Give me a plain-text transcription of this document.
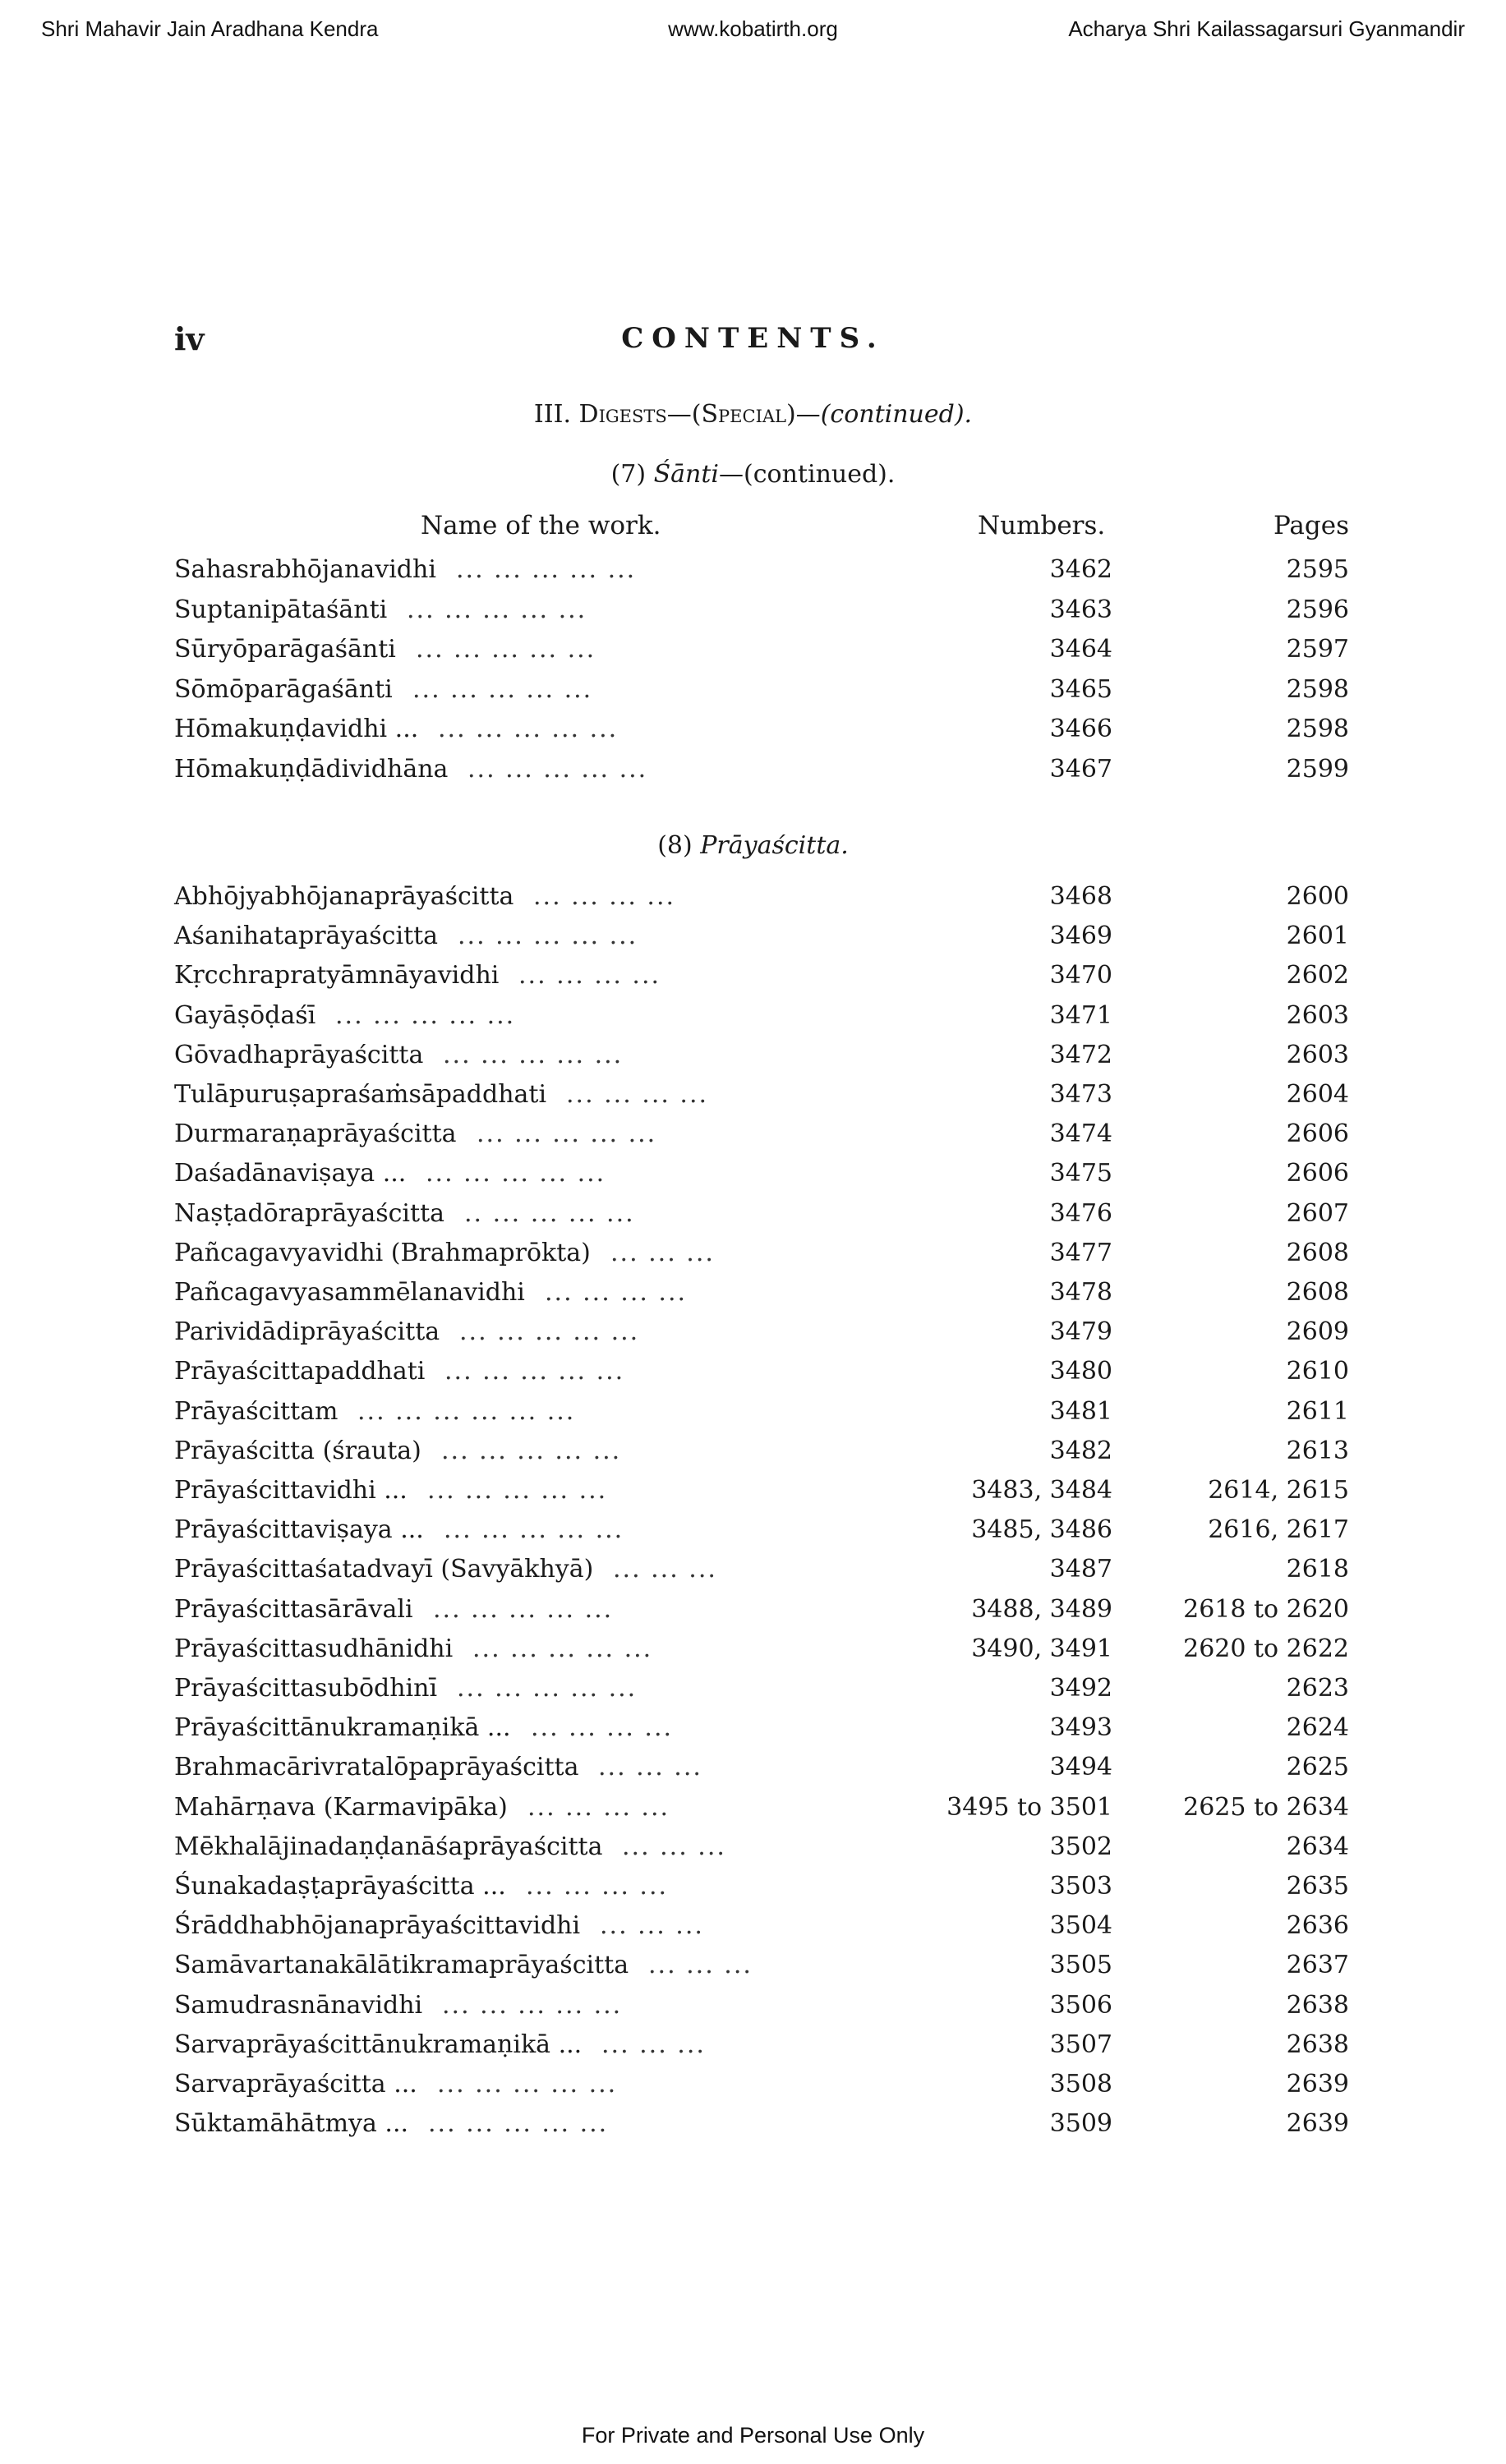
Shri Mahavir Jain Aradhana Kendra	www.kobatirth.org	Acharya Shri Kailassagarsuri Gyanmandir
iv	CONTENTS.
III. Digests—(Special)—(continued).
(7) Śānti—(continued).
Name of the work.	Numbers.	Pages
Sahasrabhōjanavidhi ... ... ... ... ...	3462	2595
Suptanipātaśānti ... ... ... ... ...	3463	2596
Sūryōparāgaśānti ... ... ... ... ...	3464	2597
Sōmōparāgaśānti ... ... ... ... ...	3465	2598
Hōmakuṇḍavidhi ... ... ... ... ... ...	3466	2598
Hōmakuṇḍādividhāna ... ... ... ... ...	3467	2599
(8) Prāyaścitta.
Abhōjyabhōjanaprāyaścitta ... ... ... ...	3468	2600
Aśanihataprāyaścitta ... ... ... ... ...	3469	2601
Kṛcchrapratyāmnāyavidhi ... ... ... ...	3470	2602
Gayāṣōḍaśī ... ... ... ... ...	3471	2603
Gōvadhaprāyaścitta ... ... ... ... ...	3472	2603
Tulāpuruṣapraśaṁsāpaddhati ... ... ... ...	3473	2604
Durmaraṇaprāyaścitta ... ... ... ... ...	3474	2606
Daśadānaviṣaya ... ... ... ... ... ...	3475	2606
Naṣṭadōraprāyaścitta .. ... ... ... ...	3476	2607
Pañcagavyavidhi (Brahmaprōkta) ... ... ...	3477	2608
Pañcagavyasammēlanavidhi ... ... ... ...	3478	2608
Parividādiprāyaścitta ... ... ... ... ...	3479	2609
Prāyaścittapaddhati ... ... ... ... ...	3480	2610
Prāyaścittam ... ... ... ... ... ...	3481	2611
Prāyaścitta (śrauta) ... ... ... ... ...	3482	2613
Prāyaścittavidhi ... ... ... ... ... ...	3483, 3484	2614, 2615
Prāyaścittaviṣaya ... ... ... ... ... ...	3485, 3486	2616, 2617
Prāyaścittaśatadvayī (Savyākhyā) ... ... ...	3487	2618
Prāyaścittasārāvali ... ... ... ... ...	3488, 3489	2618 to 2620
Prāyaścittasudhānidhi ... ... ... ... ...	3490, 3491	2620 to 2622
Prāyaścittasubōdhinī ... ... ... ... ...	3492	2623
Prāyaścittānukramaṇikā ... ... ... ... ...	3493	2624
Brahmacārivratalōpaprāyaścitta ... ... ...	3494	2625
Mahārṇava (Karmavipāka) ... ... ... ...	3495 to 3501	2625 to 2634
Mēkhalājinadaṇḍanāśaprāyaścitta ... ... ...	3502	2634
Śunakadaṣṭaprāyaścitta ... ... ... ... ...	3503	2635
Śrāddhabhōjanaprāyaścittavidhi ... ... ...	3504	2636
Samāvartanakālātikramaprāyaścitta ... ... ...	3505	2637
Samudrasnānavidhi ... ... ... ... ...	3506	2638
Sarvaprāyaścittānukramaṇikā ... ... ... ...	3507	2638
Sarvaprāyaścitta ... ... ... ... ... ...	3508	2639
Sūktamāhātmya ... ... ... ... ... ...	3509	2639
For Private and Personal Use Only
